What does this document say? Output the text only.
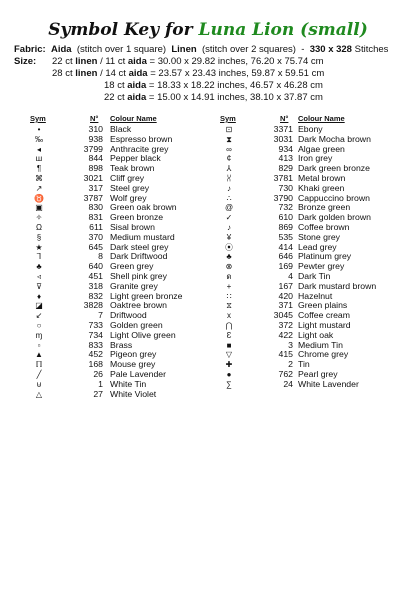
Symbol Key for Luna Lion (small)
Fabric: Aida (stitch over 1 square) Linen (stitch over 2 squares) - 330 x 328 Stitches
Size: 22 ct linen / 11 ct aida = 30.00 x 29.82 inches, 76.20 x 75.74 cm
28 ct linen / 14 ct aida = 23.57 x 23.43 inches, 59.87 x 59.51 cm
18 ct aida = 18.33 x 18.22 inches, 46.57 x 46.28 cm
22 ct aida = 15.00 x 14.91 inches, 38.10 x 37.87 cm
Sym	N° Colour Name
•	310 Black
‰	938 Espresso brown
◂	3799 Anthracite grey
ш	844 Pepper black
¶	898 Teak brown
⌘	3021 Cliff grey
↗	317 Steel grey
♉	3787 Wolf grey
▣	830 Green oak brown
✧	831 Green bronze
Ω	611 Sisal brown
§	370 Medium mustard
★	645 Dark steel grey
⅂	8 Dark Driftwood
♣	640 Green grey
◃	451 Shell pink grey
⊽	318 Granite grey
♦	832 Light green bronze
◪	3828 Oaktree brown
↙	7 Driftwood
○	733 Golden green
ɱ	734 Light Olive green
▫	833 Brass
▲	452 Pigeon grey
ℿ	168 Mouse grey
╱	26 Pale Lavender
⊍	1 White Tin
△	27 White Violet
Sym	N° Colour Name
⊡	3371 Ebony
⧗	3031 Dark Mocha brown
∞	934 Algae green
¢	413 Iron grey
⅄	829 Dark green bronze
⩆	3781 Metal brown
♪	730 Khaki green
∴	3790 Cappuccino brown
@	732 Bronze green
✓	610 Dark golden brown
♪	869 Coffee brown
¥	535 Stone grey
⦿	414 Lead grey
♣	646 Platinum grey
⊗	169 Pewter grey
ด	4 Dark Tin
+	167 Dark mustard brown
∷	420 Hazelnut
⧖	371 Green plains
x	3045 Coffee cream
⋂	372 Light mustard
Ɛ	422 Light oak
■	3 Medium Tin
▽	415 Chrome grey
✚	2 Tin
●	762 Pearl grey
∑	24 White Lavender
